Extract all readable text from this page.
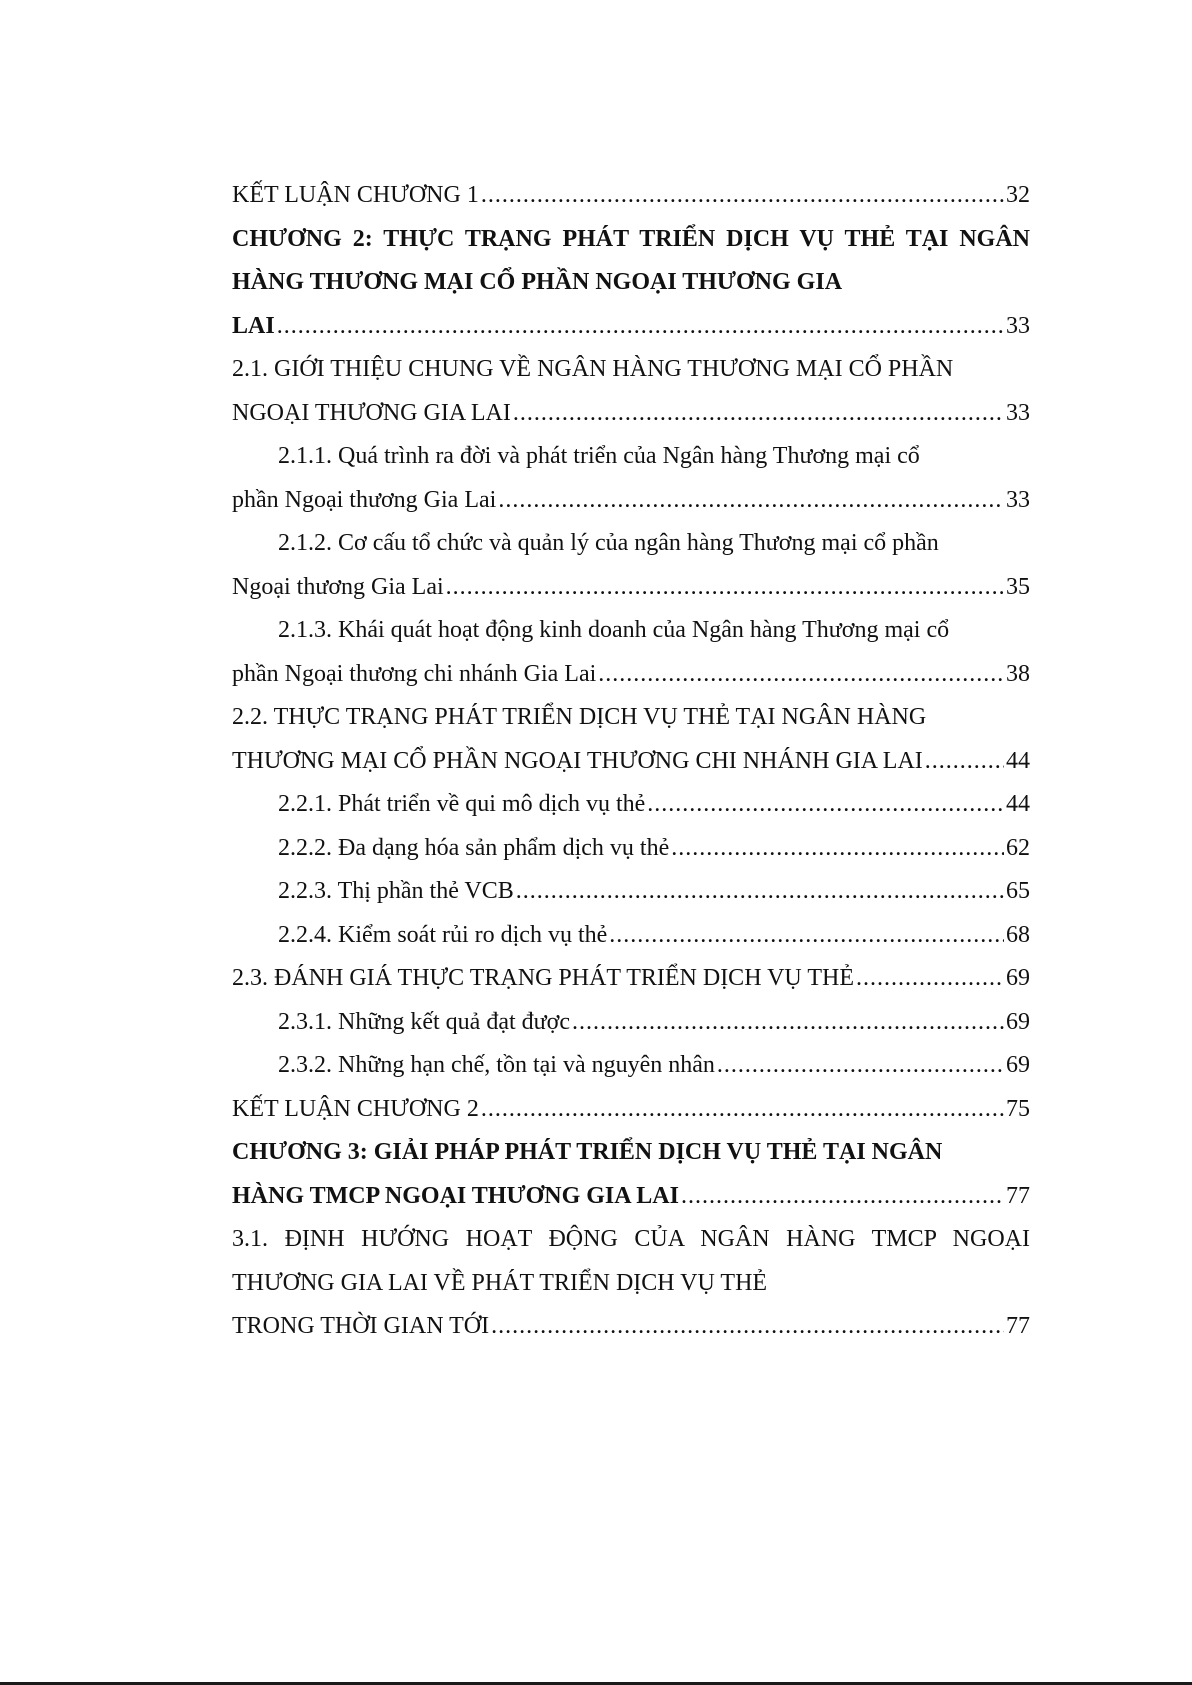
KẾT LUẬN CHƯƠNG 1 .....	32
CHƯƠNG 2: THỰC TRẠNG PHÁT TRIỂN DỊCH VỤ THẺ TẠI NGÂN HÀNG THƯƠNG MẠI CỔ PHẦN NGOẠI THƯƠNG GIA
LAI .....	33
2.1. GIỚI THIỆU CHUNG VỀ NGÂN HÀNG THƯƠNG MẠI CỔ PHẦN
NGOẠI THƯƠNG GIA LAI .....	33
2.1.1. Quá trình ra đời và phát triển của Ngân hàng Thương mại cổ
phần Ngoại thương Gia Lai .....	33
2.1.2. Cơ cấu tổ chức và quản lý của ngân hàng Thương mại cổ phần
Ngoại thương Gia Lai .....	35
2.1.3. Khái quát hoạt động kinh doanh của Ngân hàng Thương mại cổ
phần Ngoại thương chi nhánh Gia Lai .....	38
2.2. THỰC TRẠNG PHÁT TRIỂN DỊCH VỤ THẺ TẠI NGÂN HÀNG
THƯƠNG MẠI CỔ PHẦN NGOẠI THƯƠNG CHI NHÁNH GIA LAI .....	44
2.2.1. Phát triển về qui mô dịch vụ thẻ .....	44
2.2.2. Đa dạng hóa sản phẩm dịch vụ thẻ .....	62
2.2.3. Thị phần thẻ VCB .....	65
2.2.4. Kiểm soát rủi ro dịch vụ thẻ .....	68
2.3. ĐÁNH GIÁ THỰC TRẠNG PHÁT TRIỂN DỊCH VỤ THẺ .....	69
2.3.1. Những kết quả đạt được .....	69
2.3.2. Những hạn chế, tồn tại và nguyên nhân .....	69
KẾT LUẬN CHƯƠNG 2 .....	75
CHƯƠNG 3: GIẢI PHÁP PHÁT TRIỂN DỊCH VỤ THẺ TẠI NGÂN
HÀNG TMCP NGOẠI THƯƠNG GIA LAI .....	77
3.1. ĐỊNH HƯỚNG HOẠT ĐỘNG CỦA NGÂN HÀNG TMCP NGOẠI THƯƠNG GIA LAI VỀ PHÁT TRIỂN DỊCH VỤ THẺ
TRONG THỜI GIAN TỚI .....	77
